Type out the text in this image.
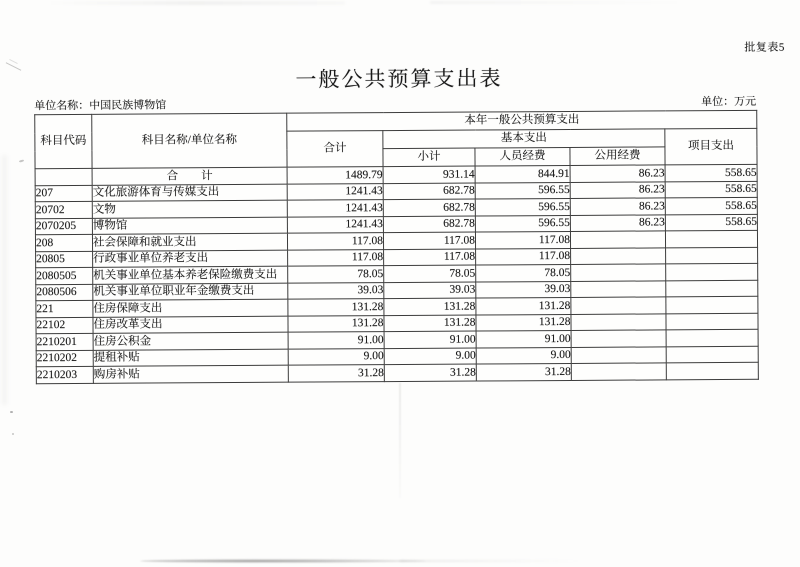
批复表5
一般公共预算支出表
单位名称：中国民族博物馆	单位：万元
科目代码	科目名称/单位名称	本年一般公共预算支出				
		合计	基本支出			项目支出
			小计	人员经费	公用经费	
	合　　计	1489.79	931.14	844.91	86.23	558.65
207	文化旅游体育与传媒支出	1241.43	682.78	596.55	86.23	558.65
20702	文物	1241.43	682.78	596.55	86.23	558.65
2070205	博物馆	1241.43	682.78	596.55	86.23	558.65
208	社会保障和就业支出	117.08	117.08	117.08		
20805	行政事业单位养老支出	117.08	117.08	117.08		
2080505	机关事业单位基本养老保险缴费支出	78.05	78.05	78.05		
2080506	机关事业单位职业年金缴费支出	39.03	39.03	39.03		
221	住房保障支出	131.28	131.28	131.28		
22102	住房改革支出	131.28	131.28	131.28		
2210201	住房公积金	91.00	91.00	91.00		
2210202	提租补贴	9.00	9.00	9.00		
2210203	购房补贴	31.28	31.28	31.28		
